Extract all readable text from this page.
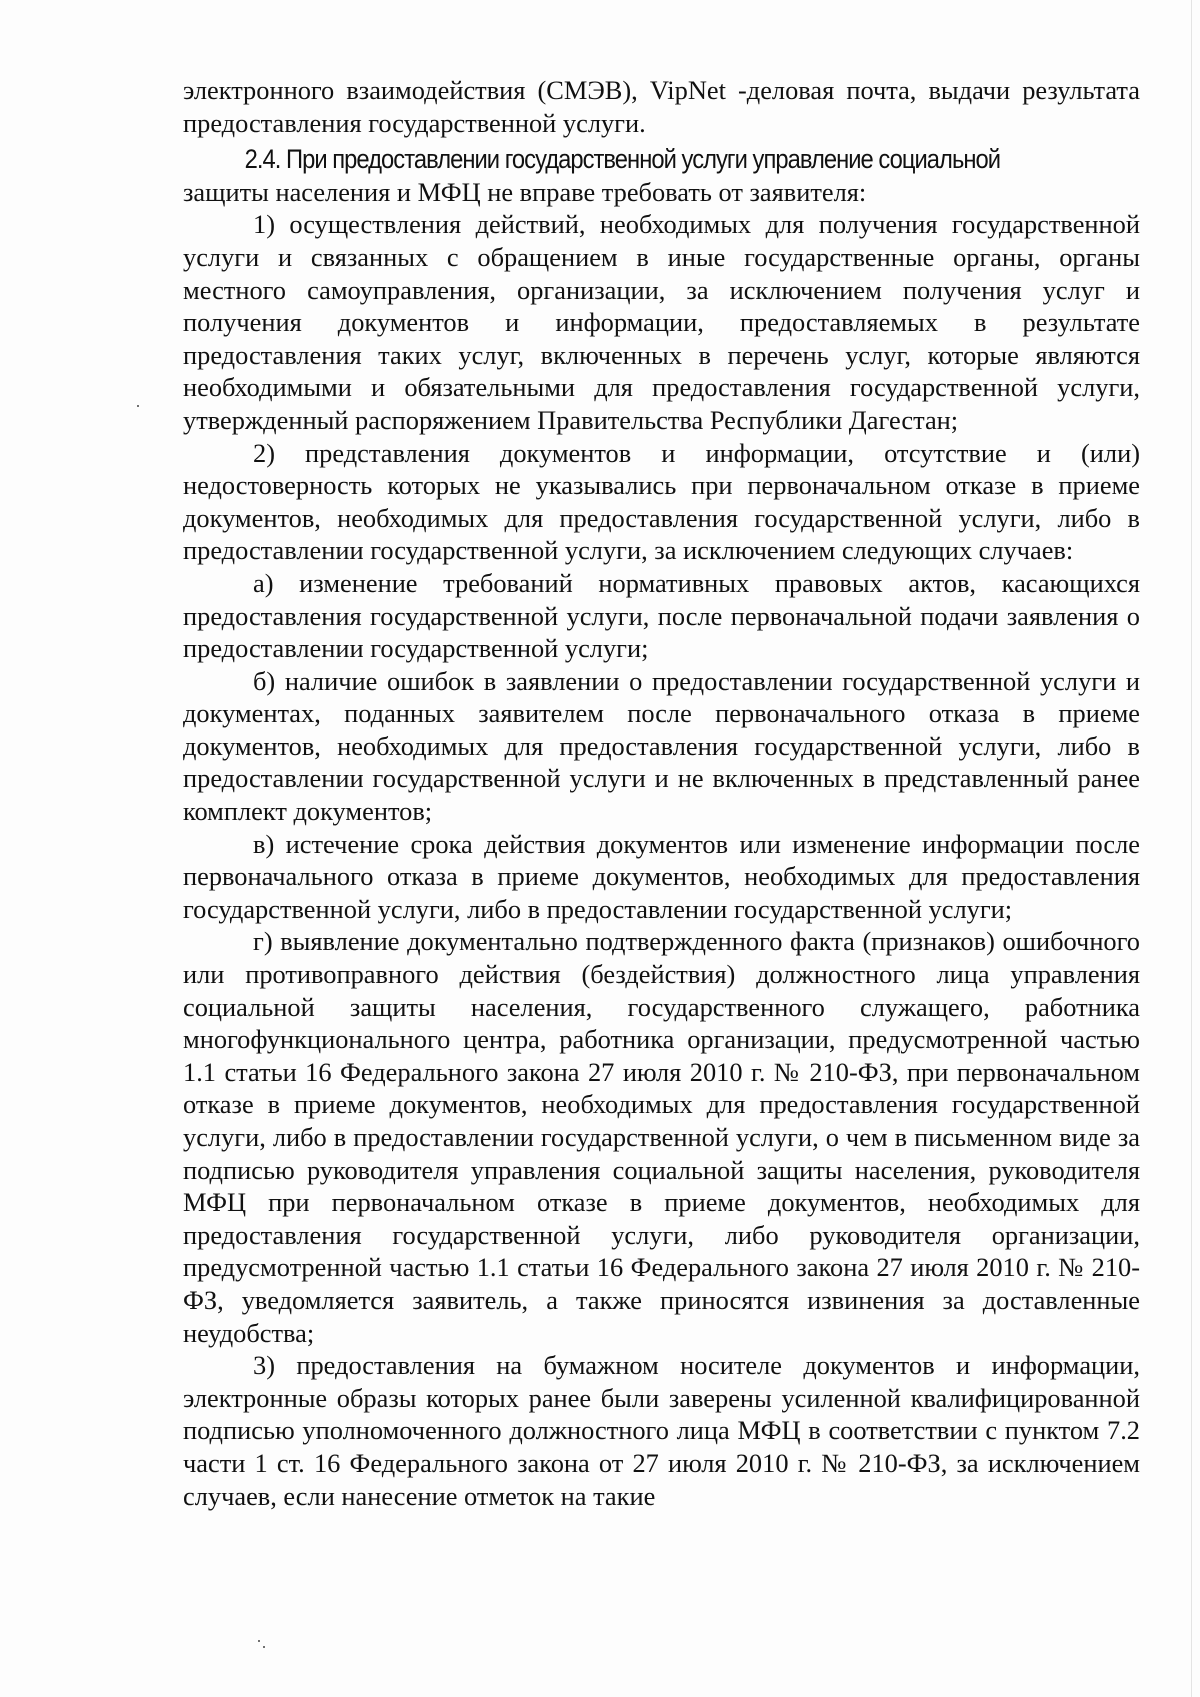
электронного взаимодействия (СМЭВ), VipNet -деловая почта, выдачи результата предоставления государственной услуги.

2.4. При предоставлении государственной услуги управление социальной

защиты населения и МФЦ не вправе требовать от заявителя:

1) осуществления действий, необходимых для получения государственной услуги и связанных с обращением в иные государственные органы, органы местного самоуправления, организации, за исключением получения услуг и получения документов и информации, предоставляемых в результате предоставления таких услуг, включенных в перечень услуг, которые являются необходимыми и обязательными для предоставления государственной услуги, утвержденный распоряжением Правительства Республики Дагестан;

2) представления документов и информации, отсутствие и (или) недостоверность которых не указывались при первоначальном отказе в приеме документов, необходимых для предоставления государственной услуги, либо в предоставлении государственной услуги, за исключением следующих случаев:

а) изменение требований нормативных правовых актов, касающихся предоставления государственной услуги, после первоначальной подачи заявления о предоставлении государственной услуги;

б) наличие ошибок в заявлении о предоставлении государственной услуги и документах, поданных заявителем после первоначального отказа в приеме документов, необходимых для предоставления государственной услуги, либо в предоставлении государственной услуги и не включенных в представленный ранее комплект документов;

в) истечение срока действия документов или изменение информации после первоначального отказа в приеме документов, необходимых для предоставления государственной услуги, либо в предоставлении государственной услуги;

г) выявление документально подтвержденного факта (признаков) ошибочного или противоправного действия (бездействия) должностного лица управления социальной защиты населения, государственного служащего, работника многофункционального центра, работника организации, предусмотренной частью 1.1 статьи 16 Федерального закона 27 июля 2010 г. № 210-ФЗ, при первоначальном отказе в приеме документов, необходимых для предоставления государственной услуги, либо в предоставлении государственной услуги, о чем в письменном виде за подписью руководителя управления социальной защиты населения, руководителя МФЦ при первоначальном отказе в приеме документов, необходимых для предоставления государственной услуги, либо руководителя организации, предусмотренной частью 1.1 статьи 16 Федерального закона 27 июля 2010 г. № 210-ФЗ, уведомляется заявитель, а также приносятся извинения за доставленные неудобства;

3) предоставления на бумажном носителе документов и информации, электронные образы которых ранее были заверены усиленной квалифицированной подписью уполномоченного должностного лица МФЦ в соответствии с пунктом 7.2 части 1 ст. 16 Федерального закона от 27 июля 2010 г. № 210-ФЗ, за исключением случаев, если нанесение отметок на такие
